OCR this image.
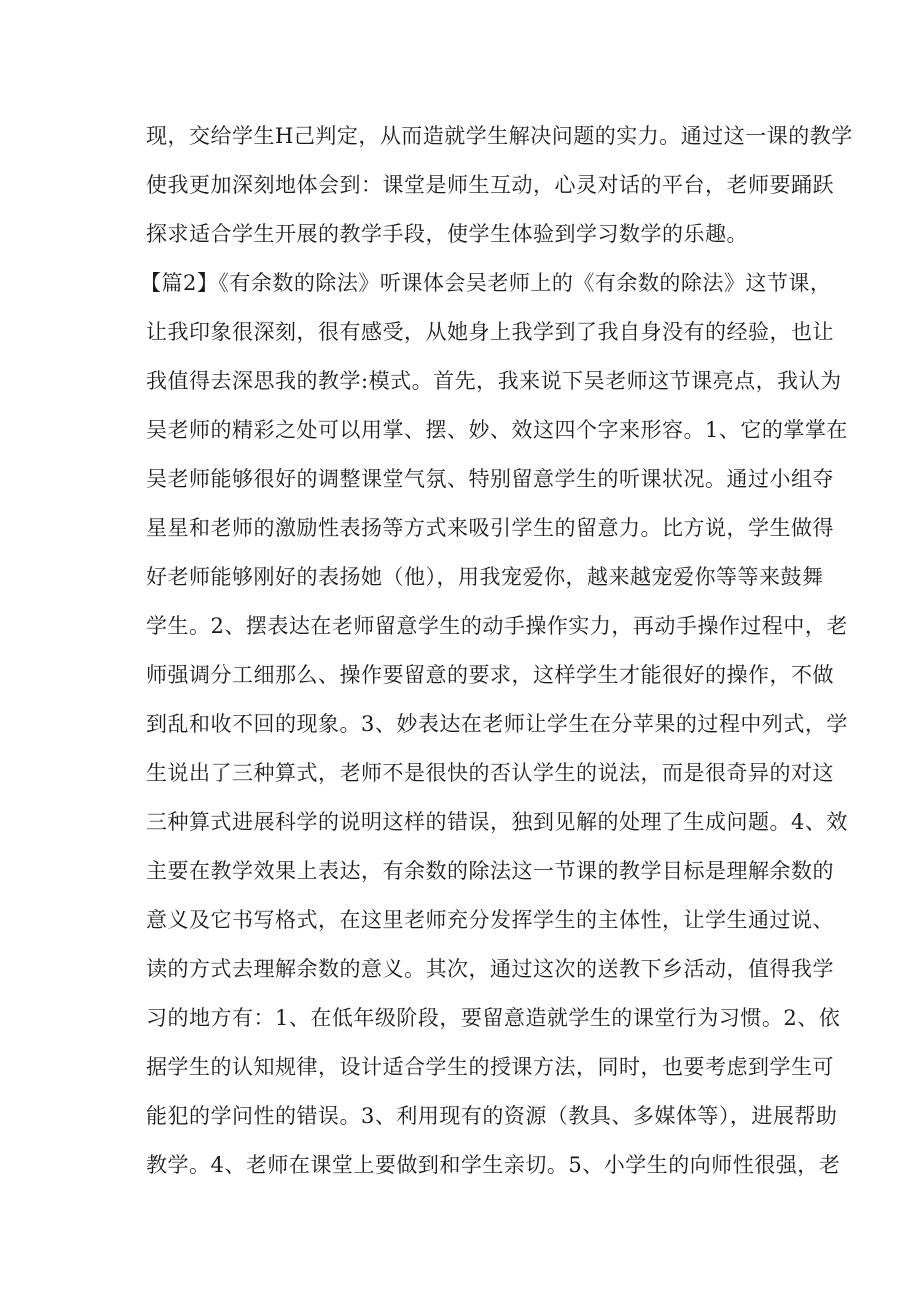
现，交给学生H己判定，从而造就学生解决问题的实力。通过这一课的教学
使我更加深刻地体会到：课堂是师生互动，心灵对话的平台，老师要踊跃
探求适合学生开展的教学手段，使学生体验到学习数学的乐趣。
【篇2】《有余数的除法》听课体会吴老师上的《有余数的除法》这节课，
让我印象很深刻，很有感受，从她身上我学到了我自身没有的经验，也让
我值得去深思我的教学:模式。首先，我来说下吴老师这节课亮点，我认为
吴老师的精彩之处可以用掌、摆、妙、效这四个字来形容。1、它的掌掌在
吴老师能够很好的调整课堂气氛、特别留意学生的听课状况。通过小组夺
星星和老师的激励性表扬等方式来吸引学生的留意力。比方说，学生做得
好老师能够刚好的表扬她（他），用我宠爱你，越来越宠爱你等等来鼓舞
学生。2、摆表达在老师留意学生的动手操作实力，再动手操作过程中，老
师强调分工细那么、操作要留意的要求，这样学生才能很好的操作，不做
到乱和收不回的现象。3、妙表达在老师让学生在分苹果的过程中列式，学
生说出了三种算式，老师不是很快的否认学生的说法，而是很奇异的对这
三种算式进展科学的说明这样的错误，独到见解的处理了生成问题。4、效
主要在教学效果上表达，有余数的除法这一节课的教学目标是理解余数的
意义及它书写格式，在这里老师充分发挥学生的主体性，让学生通过说、
读的方式去理解余数的意义。其次，通过这次的送教下乡活动，值得我学
习的地方有：1、在低年级阶段，要留意造就学生的课堂行为习惯。2、依
据学生的认知规律，设计适合学生的授课方法，同时，也要考虑到学生可
能犯的学问性的错误。3、利用现有的资源（教具、多媒体等），进展帮助
教学。4、老师在课堂上要做到和学生亲切。5、小学生的向师性很强，老
